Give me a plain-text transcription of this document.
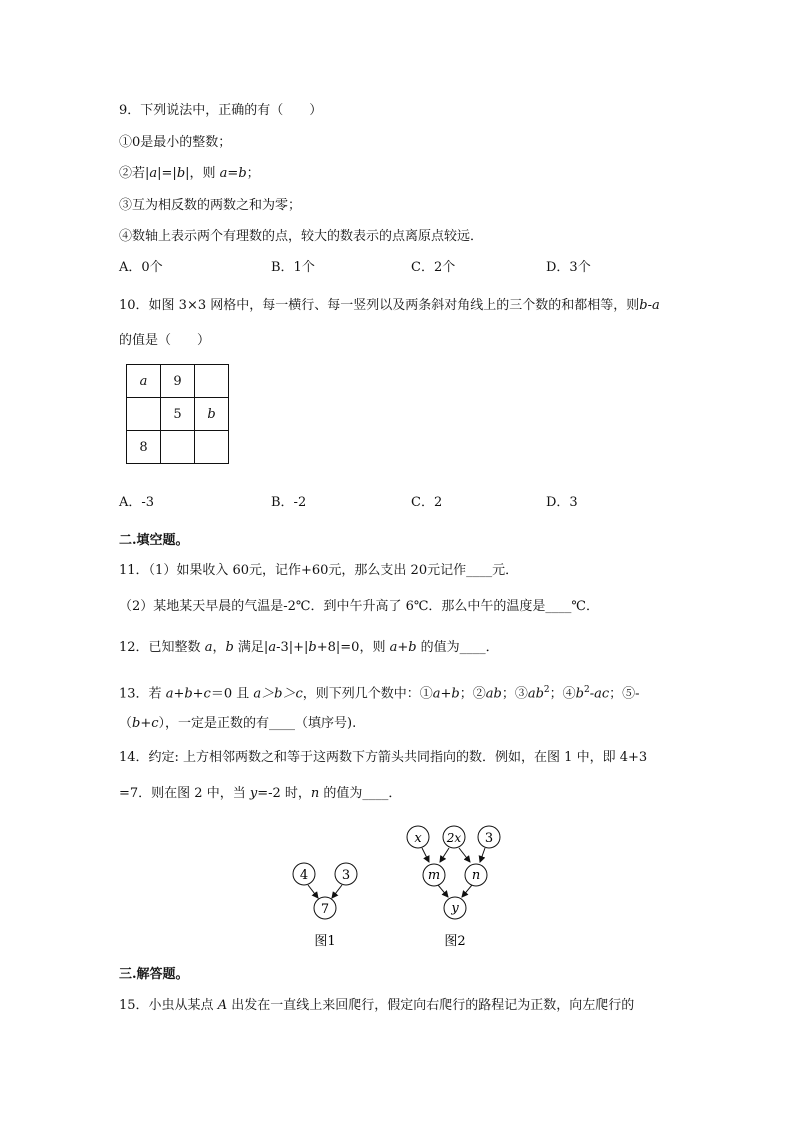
9．下列说法中，正确的有（　　）
①0是最小的整数；
②若|a|=|b|，则 a=b；
③互为相反数的两数之和为零；
④数轴上表示两个有理数的点，较大的数表示的点离原点较远．
A．0个	B．1个	C．2个	D．3个
10．如图 3×3 网格中，每一横行、每一竖列以及两条斜对角线上的三个数的和都相等，则b-a
的值是（　　）
a	9	
	5	b
8		
A．-3	B．-2	C．2	D．3
二.填空题。
11．（1）如果收入 60元，记作+60元，那么支出 20元记作____元．
（2）某地某天早晨的气温是-2℃．到中午升高了 6℃．那么中午的温度是____℃．
12．已知整数 a，b 满足|a-3|+|b+8|=0，则 a+b 的值为____．
13．若 a+b+c＝0 且 a＞b＞c，则下列几个数中：①a+b；②ab；$③ab^2$；$④b^2-ac$；⑤-
（b+c），一定是正数的有____（填序号).
14．约定: 上方相邻两数之和等于这两数下方箭头共同指向的数．例如，在图 1 中，即 4+3
=7．则在图 2 中，当 y=-2 时，n 的值为____．
4	3
7
图1
x 2x 3
m n
y
图2
三.解答题。
15．小虫从某点 A 出发在一直线上来回爬行，假定向右爬行的路程记为正数，向左爬行的
